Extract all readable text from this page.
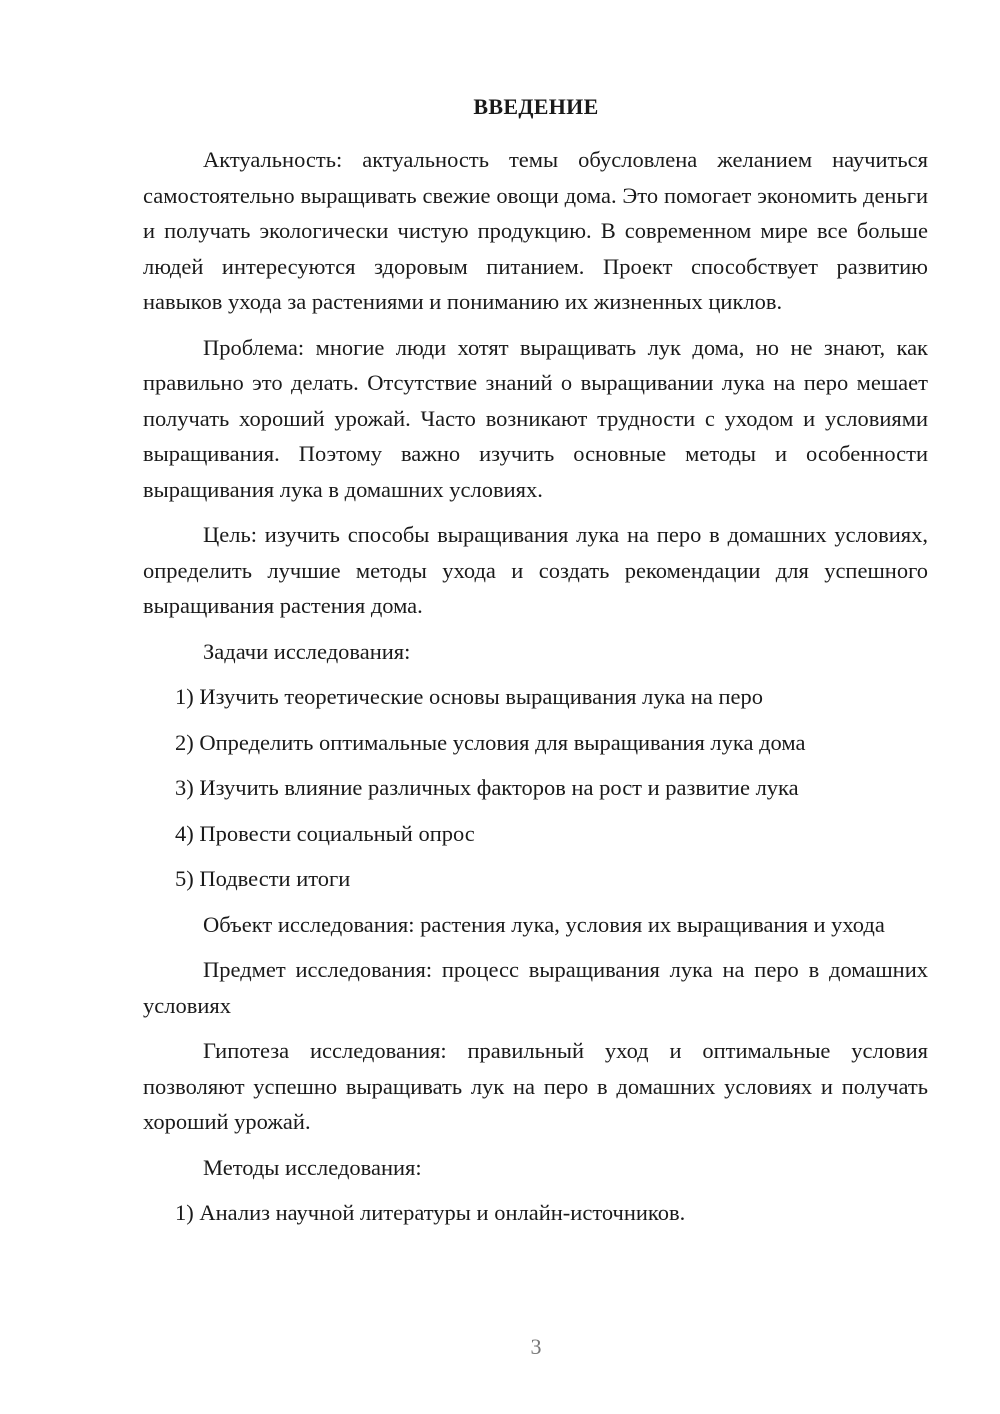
ВВЕДЕНИЕ

Актуальность: актуальность темы обусловлена желанием научиться самостоятельно выращивать свежие овощи дома. Это помогает экономить деньги и получать экологически чистую продукцию. В современном мире все больше людей интересуются здоровым питанием. Проект способствует развитию навыков ухода за растениями и пониманию их жизненных циклов.

Проблема: многие люди хотят выращивать лук дома, но не знают, как правильно это делать. Отсутствие знаний о выращивании лука на перо мешает получать хороший урожай. Часто возникают трудности с уходом и условиями выращивания. Поэтому важно изучить основные методы и особенности выращивания лука в домашних условиях.

Цель: изучить способы выращивания лука на перо в домашних условиях, определить лучшие методы ухода и создать рекомендации для успешного выращивания растения дома.

Задачи исследования:

1) Изучить теоретические основы выращивания лука на перо
2) Определить оптимальные условия для выращивания лука дома
3) Изучить влияние различных факторов на рост и развитие лука
4) Провести социальный опрос
5) Подвести итоги

Объект исследования: растения лука, условия их выращивания и ухода

Предмет исследования: процесс выращивания лука на перо в домашних условиях

Гипотеза исследования: правильный уход и оптимальные условия позволяют успешно выращивать лук на перо в домашних условиях и получать хороший урожай.

Методы исследования:

1) Анализ научной литературы и онлайн-источников.
3
